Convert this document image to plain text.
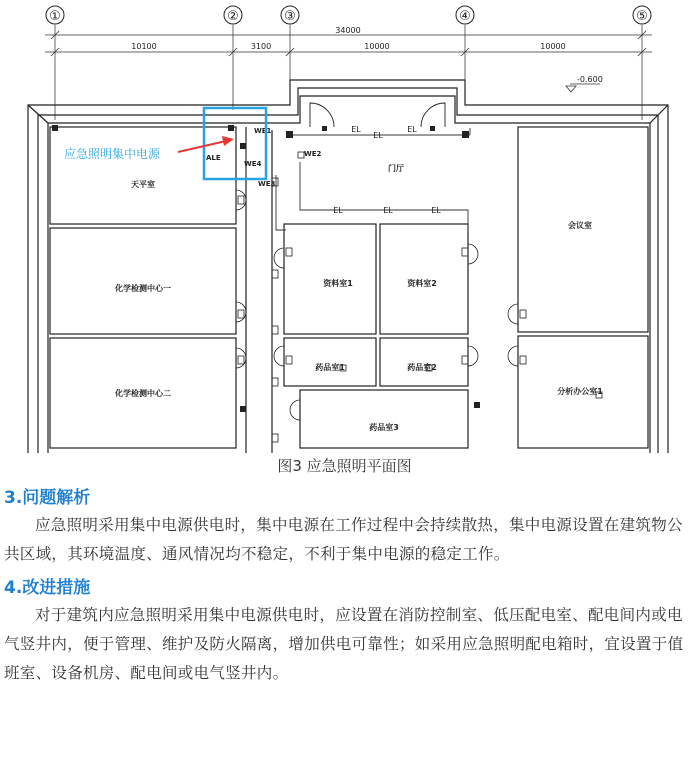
①	②	③	④	⑤
34000
10100	3100	10000	10000
-0.600
EL
EL
EL
EL	EL	EL
WE1
WE2
WE3
WE4
ALE
天平室
化学检测中心一
化学检测中心二
门厅
会议室
资料室1	资料室2
药品室1	药品室2
药品室3
分析办公室1
应急照明集中电源
图3 应急照明平面图
3.问题解析

应急照明采用集中电源供电时，集中电源在工作过程中会持续散热，集中电源设置在建筑物公共区域，其环境温度、通风情况均不稳定，不利于集中电源的稳定工作。

4.改进措施

对于建筑内应急照明采用集中电源供电时，应设置在消防控制室、低压配电室、配电间内或电气竖井内，便于管理、维护及防火隔离，增加供电可靠性；如采用应急照明配电箱时，宜设置于值班室、设备机房、配电间或电气竖井内。
